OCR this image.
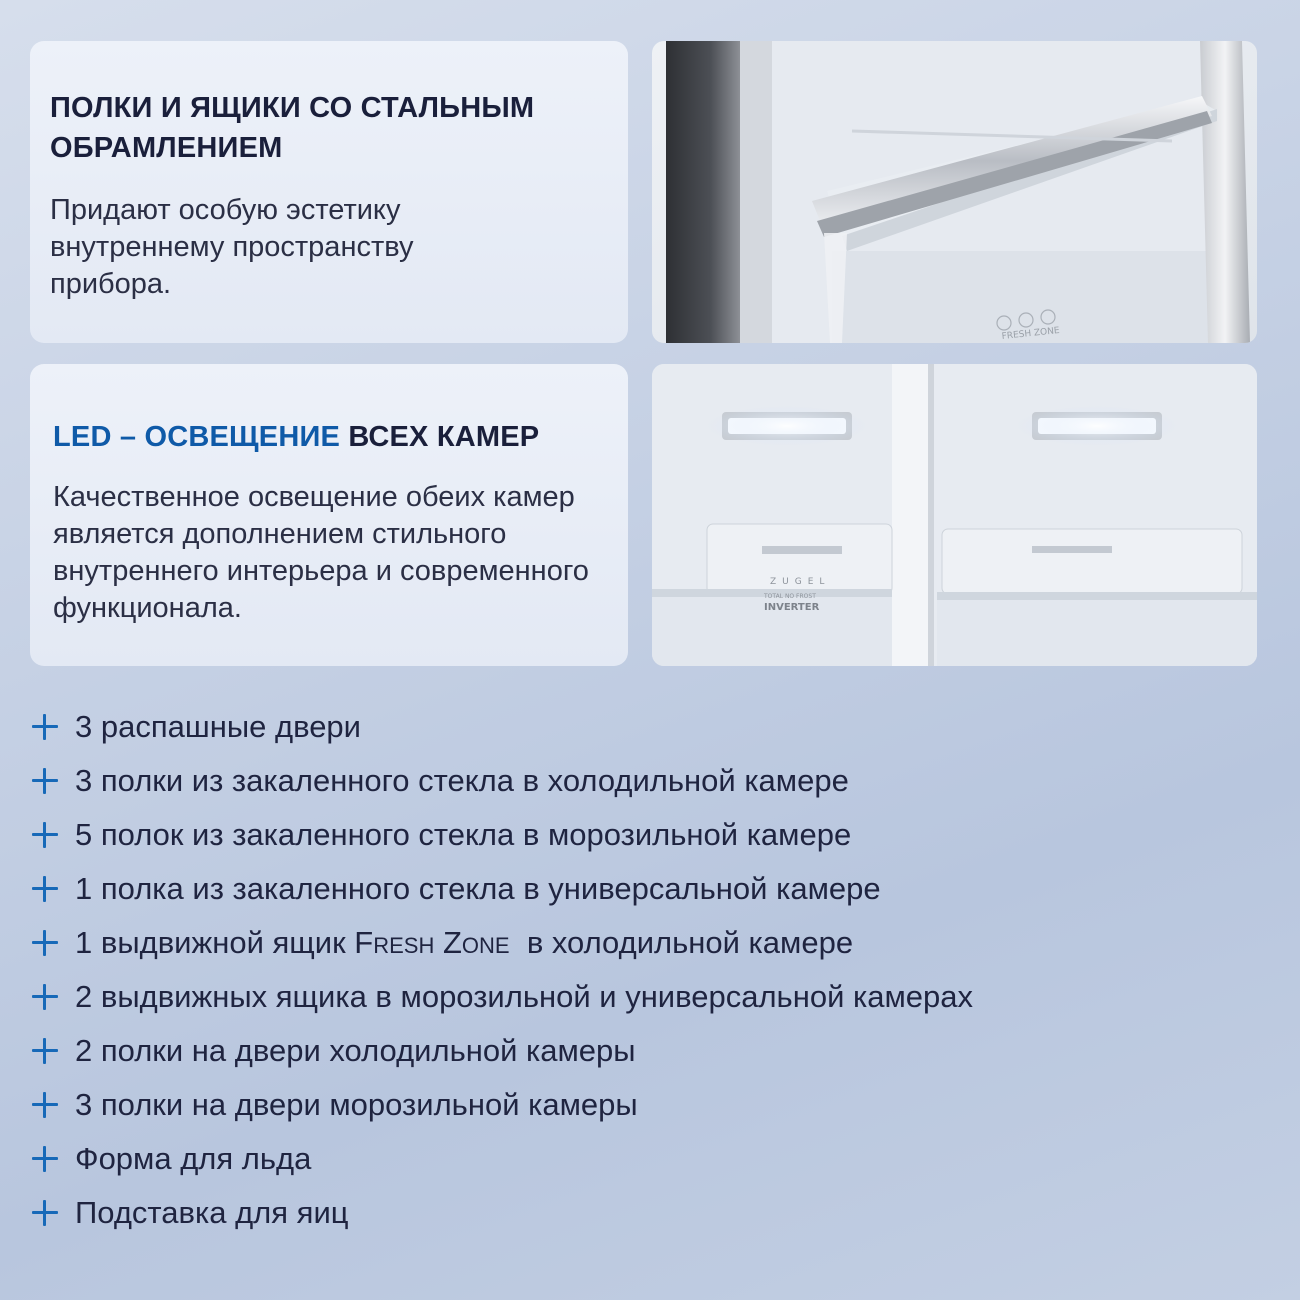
ПОЛКИ И ЯЩИКИ СО СТАЛЬНЫМ ОБРАМЛЕНИЕМ
Придают особую эстетику внутреннему пространству прибора.
FRESH ZONE
LED – ОСВЕЩЕНИЕ ВСЕХ КАМЕР
Качественное освещение обеих камер является дополнением стильного внутреннего интерьера и современного функционала.
ZUGEL
TOTAL NO FROST
INVERTER
3 распашные двери
3 полки из закаленного стекла в холодильной камере
5 полок из закаленного стекла в морозильной камере
1 полка из закаленного стекла в универсальной камере
1 выдвижной ящик Fresh Zone  в холодильной камере
2 выдвижных ящика в морозильной и универсальной камерах
2 полки на двери холодильной камеры
3 полки на двери морозильной камеры
Форма для льда
Подставка для яиц
